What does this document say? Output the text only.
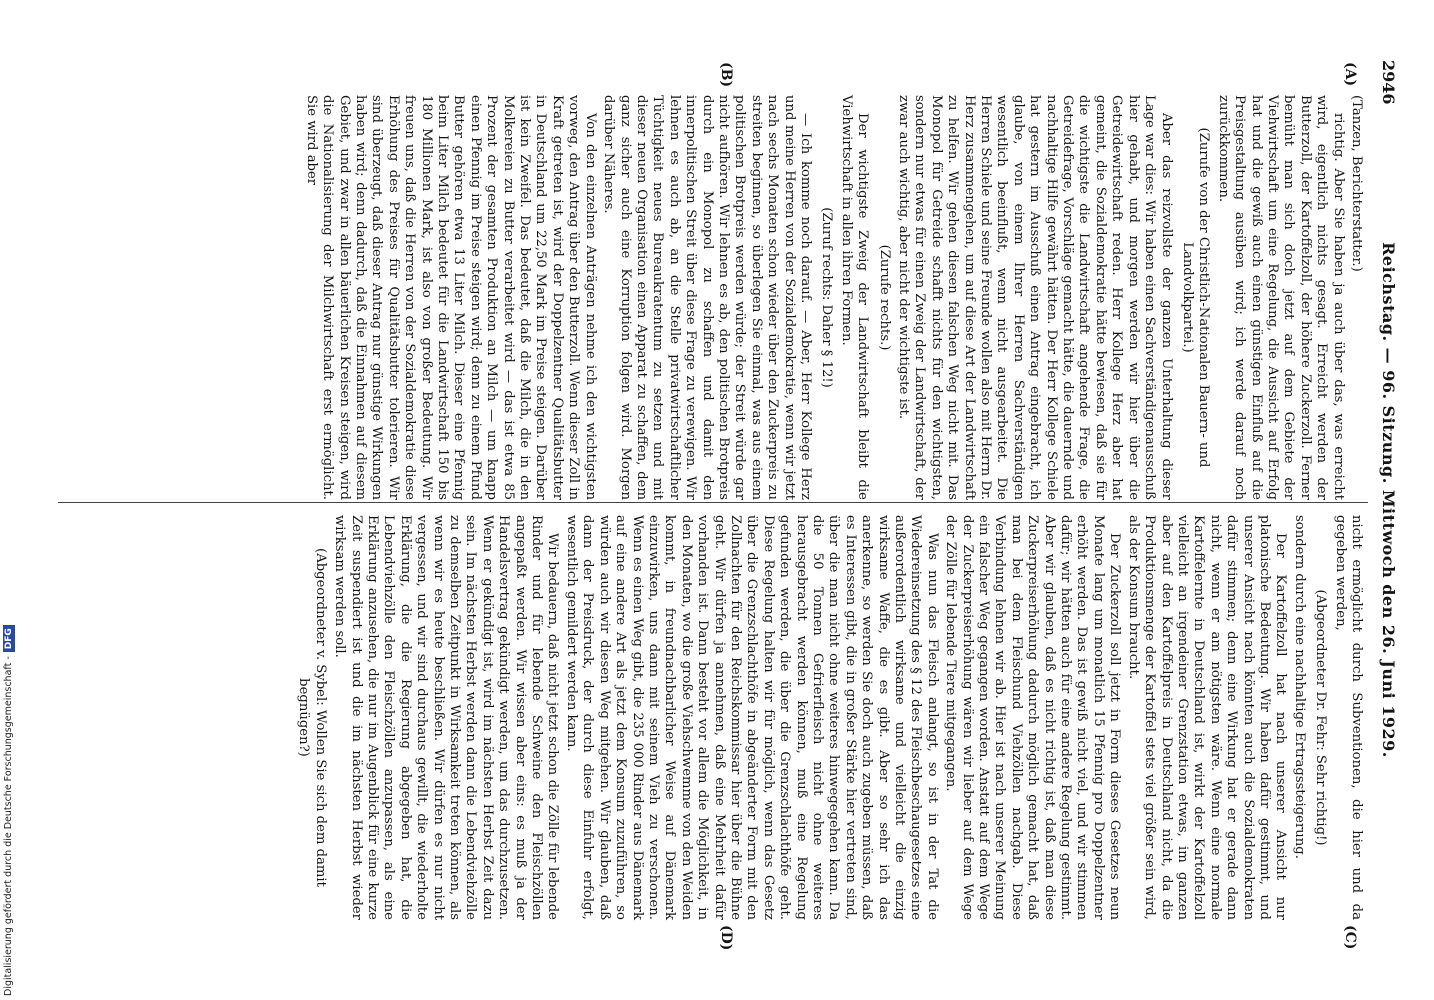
2946
Reichstag. — 96. Sitzung. Mittwoch den 26. Juni 1929.
(A)
(B)
(C)
(D)

(Tanzen, Berichterstatter.)

richtig. Aber Sie haben ja auch über das, was erreicht wird, eigentlich nichts gesagt. Erreicht werden der Butterzoll, der Kartoffelzoll, der höhere Zuckerzoll. Ferner bemüht man sich doch jetzt auf dem Gebiete der Viehwirtschaft um eine Regelung, die Aussicht auf Erfolg hat und die gewiß auch einen günstigen Einfluß auf die Preisgestaltung ausüben wird; ich werde darauf noch zurückkommen.

(Zurufe von der Christlich-Nationalen Bauern- und Landvolkpartei.)

Aber das reizvollste der ganzen Unterhaltung dieser Lage war dies: Wir haben einen Sachverständigenausschuß hier gehabt, und morgen werden wir hier über die Getreidewirtschaft reden. Herr Kollege Herz aber hat gemeint, die Sozialdemokratie hätte bewiesen, daß sie für die wichtigste die Landwirtschaft angehende Frage, die Getreidefrage, Vorschläge gemacht hätte, die dauernde und nachhaltige Hilfe gewährt hätten. Der Herr Kollege Schiele hat gestern im Ausschuß einen Antrag eingebracht, ich glaube, von einem Ihrer Herren Sachverständigen wesentlich beeinflußt, wenn nicht ausgearbeitet. Die Herren Schiele und seine Freunde wollen also mit Herrn Dr. Herz zusammengehen, um auf diese Art der Landwirtschaft zu helfen. Wir gehen diesen falschen Weg nicht mit. Das Monopol für Getreide schafft nichts für den wichtigsten, sondern nur etwas für einen Zweig der Landwirtschaft, der zwar auch wichtig, aber nicht der wichtigste ist.

(Zurufe rechts.)

Der wichtigste Zweig der Landwirtschaft bleibt die Viehwirtschaft in allen ihren Formen.

(Zuruf rechts: Daher § 12!)

— Ich komme noch darauf. — Aber, Herr Kollege Herz und meine Herren von der Sozialdemokratie, wenn wir jetzt nach sechs Monaten schon wieder über den Zuckerpreis zu streiten beginnen, so überlegen Sie einmal, was aus einem politischen Brotpreis werden würde; der Streit würde gar nicht aufhören. Wir lehnen es ab, den politischen Brotpreis durch ein Monopol zu schaffen und damit den innerpolitischen Streit über diese Frage zu verewigen. Wir lehnen es auch ab, an die Stelle privatwirtschaftlicher Tüchtigkeit neues Bureaukratentum zu setzen und mit dieser neuen Organisation einen Apparat zu schaffen, dem ganz sicher auch eine Korruption folgen wird. Morgen darüber Näheres.

Von den einzelnen Anträgen nehme ich den wichtigsten vorweg, den Antrag über den Butterzoll. Wenn dieser Zoll in Kraft getreten ist, wird der Doppelzentner Qualitätsbutter in Deutschland um 22,50 Mark im Preise steigen. Darüber ist kein Zweifel. Das bedeutet, daß die Milch, die in den Molkereien zu Butter verarbeitet wird — das ist etwa 85 Prozent der gesamten Produktion an Milch — um knapp einen Pfennig im Preise steigen wird; denn zu einem Pfund Butter gehören etwa 13 Liter Milch. Dieser eine Pfennig beim Liter Milch bedeutet für die Landwirtschaft 150 bis 180 Millionen Mark, ist also von großer Bedeutung. Wir freuen uns, daß die Herren von der Sozialdemokratie diese Erhöhung des Preises für Qualitätsbutter tolerieren. Wir sind überzeugt, daß dieser Antrag nur günstige Wirkungen haben wird; denn dadurch, daß die Einnahmen auf diesem Gebiet, und zwar in allen bäuerlichen Kreisen steigen, wird die Nationalisierung der Milchwirtschaft erst ermöglicht. Sie wird aber

nicht ermöglicht durch Subventionen, die hier und da gegeben werden,

(Abgeordneter Dr. Fehr: Sehr richtig!)

sondern durch eine nachhaltige Ertragssteigerung.

Der Kartoffelzoll hat nach unserer Ansicht nur platonische Bedeutung. Wir haben dafür gestimmt, und unserer Ansicht nach könnten auch die Sozialdemokraten dafür stimmen; denn eine Wirkung hat er gerade dann nicht, wenn er am nötigsten wäre. Wenn eine normale Kartoffelernte in Deutschland ist, wirkt der Kartoffelzoll vielleicht an irgendeiner Grenzstation etwas, im ganzen aber auf den Kartoffelpreis in Deutschland nicht, da die Produktionsmenge der Kartoffel stets viel größer sein wird, als der Konsum braucht.

Der Zuckerzoll soll jetzt in Form dieses Gesetzes neun Monate lang um monatlich 15 Pfennig pro Doppelzentner erhöht werden. Das ist gewiß nicht viel, und wir stimmen dafür; wir hätten auch für eine andere Regelung gestimmt. Aber wir glauben, daß es nicht richtig ist, daß man diese Zuckerpreiserhöhung dadurch möglich gemacht hat, daß man bei dem Fleischund Viehzöllen nachgab. Diese Verbindung lehnen wir ab. Hier ist nach unserer Meinung ein falscher Weg gegangen worden. Anstatt auf dem Wege der Zuckerpreiserhöhung wären wir lieber auf dem Wege der Zölle für lebende Tiere mitgegangen.

Was nun das Fleisch anlangt, so ist in der Tat die Wiedereinsetzung des § 12 des Fleischbeschaugesetzes eine außerordentlich wirksame und vielleicht die einzig wirksame Waffe, die es gibt. Aber so sehr ich das anerkenne, so werden Sie doch auch zugeben müssen, daß es Interessen gibt, die in großer Stärke hier vertreten sind, über die man nicht ohne weiteres hinwegegehen kann. Da die 50 Tonnen Gefrierfleisch nicht ohne weiteres herausgebracht werden können, muß eine Regelung gefunden werden, die über die Grenzschlachthöfe geht. Diese Regelung halten wir für möglich, wenn das Gesetz über die Grenzschlachthöfe in abgeänderter Form mit den Zollnachten für den Reichskommissar hier über die Bühne geht. Wir dürfen ja annehmen, daß eine Mehrheit dafür vorhanden ist. Dann besteht vor allem die Möglichkeit, in den Monaten, wo die große Viehschwemme von den Weiden kommt, in freundnachbarlicher Weise auf Dänemark einzuwirken, uns dann mit seinem Vieh zu verschonen. Wenn es einen Weg gibt, die 235 000 Rinder aus Dänemark auf eine andere Art als jetzt dem Konsum zuzuführen, so würden auch wir diesen Weg mitgehen. Wir glauben, daß dann der Preisdruck, der durch diese Einfuhr erfolgt, wesentlich gemildert werden kann.

Wir bedauern, daß nicht jetzt schon die Zölle für lebende Rinder und für lebende Schweine den Fleischzöllen angepaßt werden. Wir wissen aber eins: es muß ja der Handelsvertrag gekündigt werden, um das durchzusetzen. Wenn er gekündigt ist, wird im nächsten Herbst Zeit dazu sein. Im nächsten Herbst werden dann die Lebendviehzölle zu demselben Zeitpunkt in Wirksamkeit treten können, als wenn wir es heute beschließen. Wir dürfen es nur nicht vergessen, und wir sind durchaus gewillt, die wiederholte Erklärung, die die Regierung abgegeben hat, die Lebendviehzölle den Fleischzöllen anzupassen, als eine Erklärung anzusehen, die nur im Augenblick für eine kurze Zeit suspendiert ist und die im nächsten Herbst wieder wirksam werden soll.

(Abgeordneter v. Sybel: Wollen Sie sich dem damit begnügen?)

Digitalisierung gefördert durch die Deutsche Forschungsgemeinschaft -DFG
